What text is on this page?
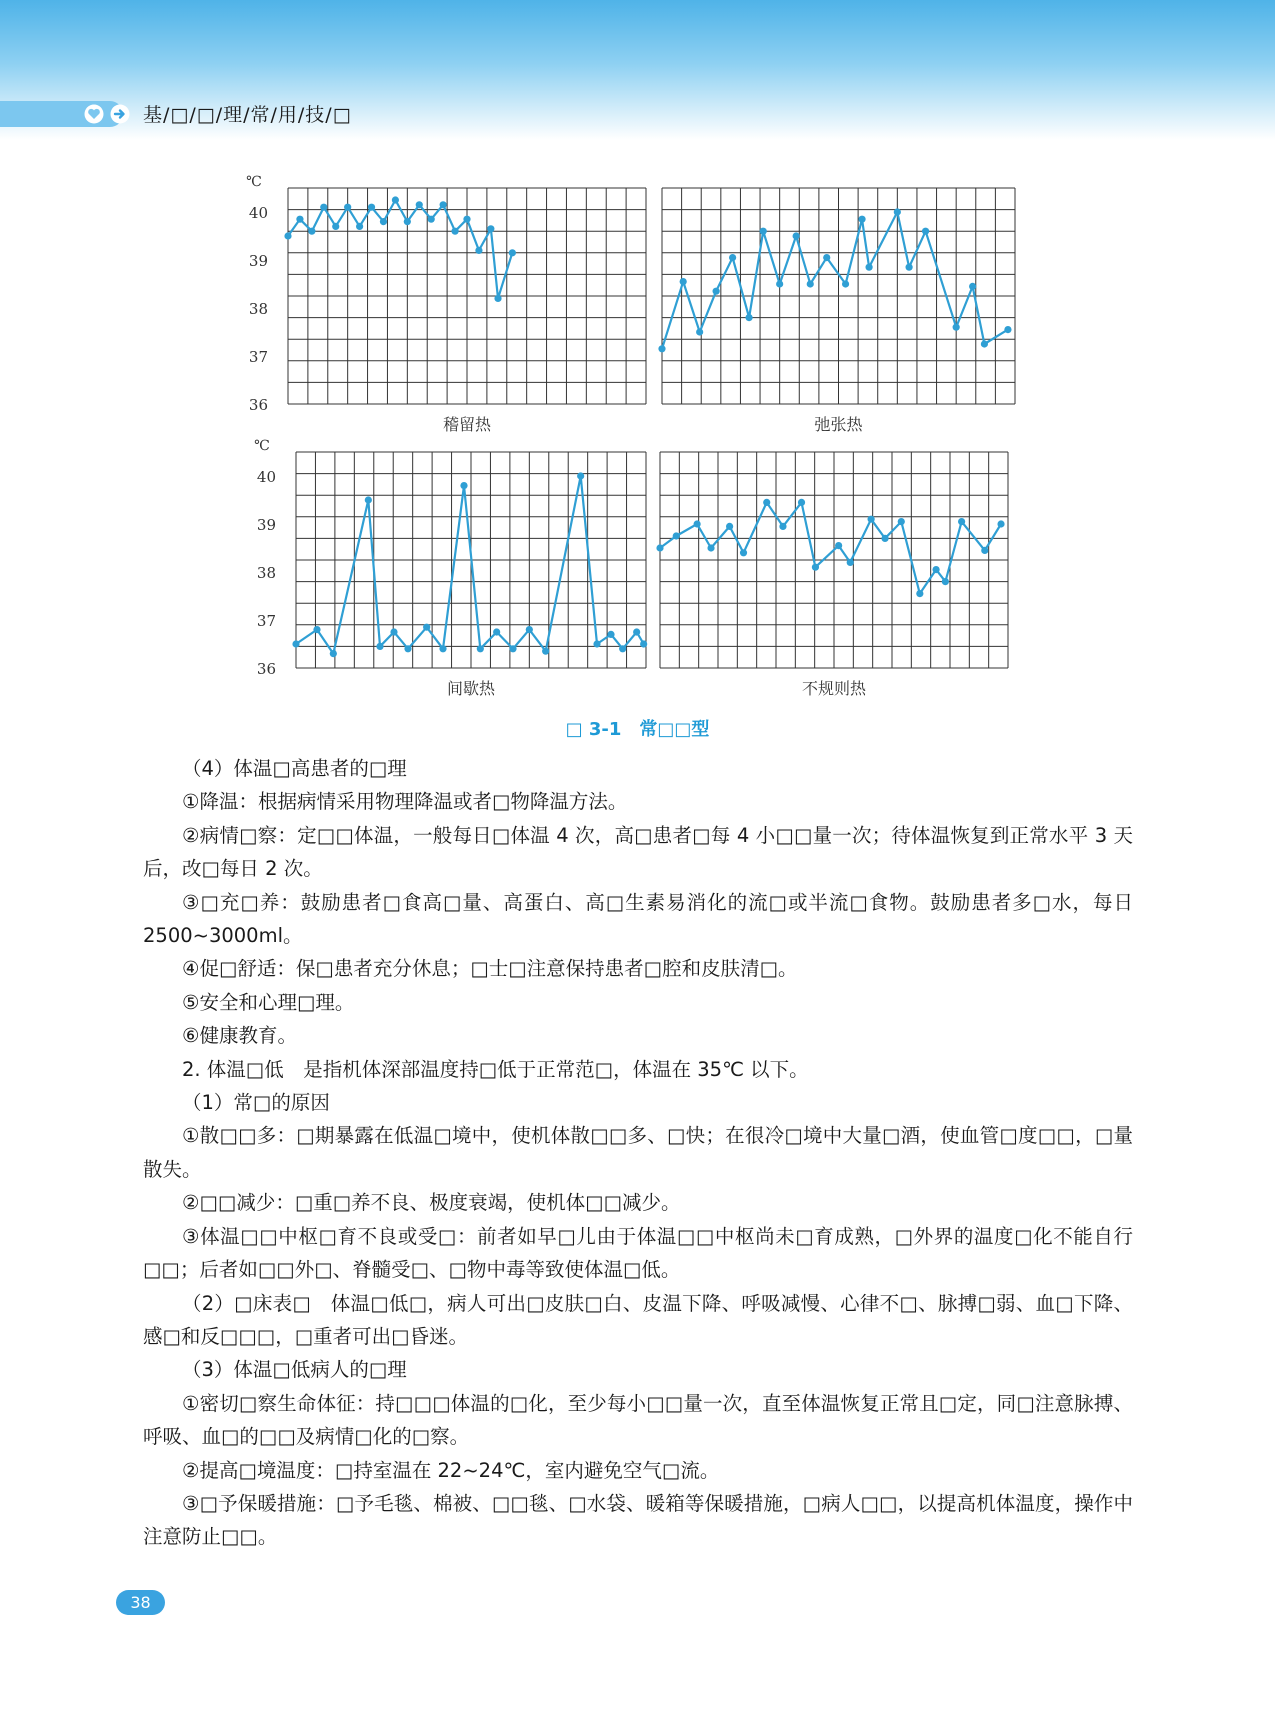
基/□/□/理/常/用/技/□
40
39
38
37
36
℃
稽留热	弛张热
40
39
38
37
36
℃
间歇热	不规则热
□ 3-1　常□□型

（4）体温□高患者的□理

①降温：根据病情采用物理降温或者□物降温方法。

②病情□察：定□□体温，一般每日□体温 4 次，高□患者□每 4 小□□量一次；待体温恢复到正常水平 3 天后，改□每日 2 次。

③□充□养：鼓励患者□食高□量、高蛋白、高□生素易消化的流□或半流□食物。鼓励患者多□水，每日 2500~3000ml。

④促□舒适：保□患者充分休息；□士□注意保持患者□腔和皮肤清□。

⑤安全和心理□理。

⑥健康教育。

2. 体温□低　是指机体深部温度持□低于正常范□，体温在 35℃ 以下。

（1）常□的原因

①散□□多：□期暴露在低温□境中，使机体散□□多、□快；在很冷□境中大量□酒，使血管□度□□，□量散失。

②□□减少：□重□养不良、极度衰竭，使机体□□减少。

③体温□□中枢□育不良或受□：前者如早□儿由于体温□□中枢尚未□育成熟，□外界的温度□化不能自行□□；后者如□□外□、脊髓受□、□物中毒等致使体温□低。

（2）□床表□　体温□低□，病人可出□皮肤□白、皮温下降、呼吸减慢、心律不□、脉搏□弱、血□下降、感□和反□□□，□重者可出□昏迷。

（3）体温□低病人的□理

①密切□察生命体征：持□□□体温的□化，至少每小□□量一次，直至体温恢复正常且□定，同□注意脉搏、呼吸、血□的□□及病情□化的□察。

②提高□境温度：□持室温在 22~24℃，室内避免空气□流。

③□予保暖措施：□予毛毯、棉被、□□毯、□水袋、暖箱等保暖措施，□病人□□，以提高机体温度，操作中注意防止□□。

38
